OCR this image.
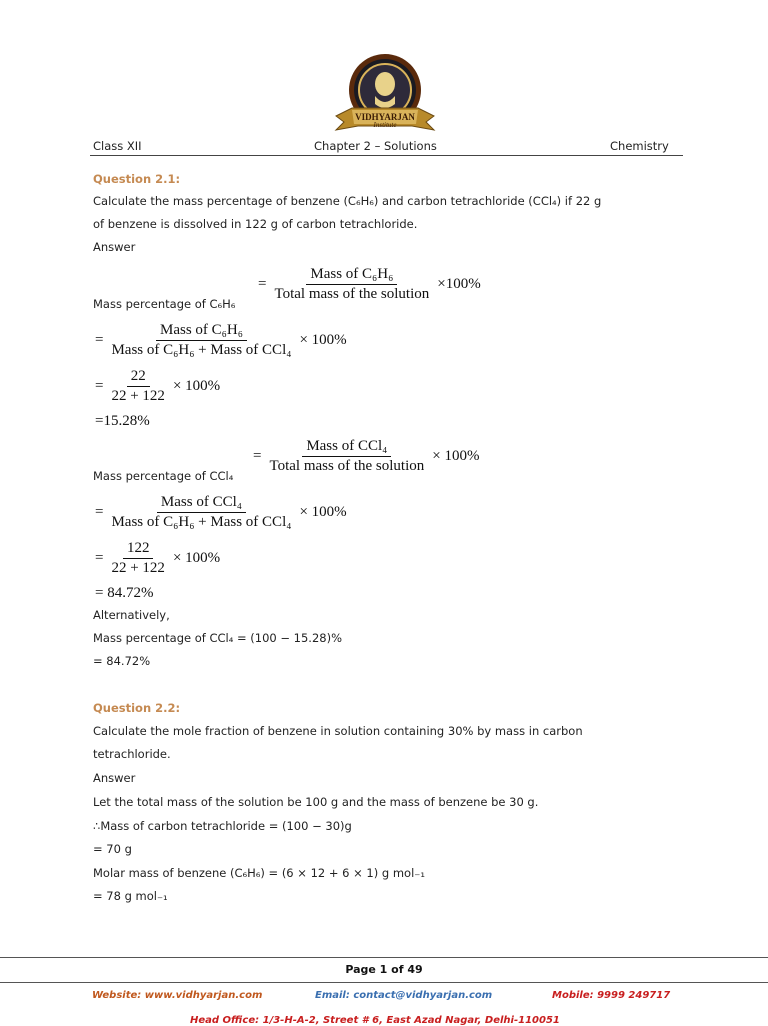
VIDHYARJAN
Institute
Class XII	Chapter 2 – Solutions	Chemistry
Question 2.1:
Calculate the mass percentage of benzene (C₆H₆) and carbon tetrachloride (CCl₄) if 22 g
of benzene is dissolved in 122 g of carbon tetrachloride.
Answer
= $\frac{\text{Mass of C₆H₆}}{\text{Total mass of the solution}} \times 100\%$
Mass percentage of C₆H₆
= $\frac{\text{Mass of C₆H₆}}{\text{Mass of C₆H₆ + Mass of CCl₄}} \times 100\%$
= $\frac{22}{22 + 122} \times 100\%$
=15.28%
= $\frac{\text{Mass of CCl₄}}{\text{Total mass of the solution}} \times 100\%$
Mass percentage of CCl₄
= $\frac{\text{Mass of CCl₄}}{\text{Mass of C₆H₆ + Mass of CCl₄}} \times 100\%$
= $\frac{122}{22 + 122} \times 100\%$
= 84.72%
Alternatively,
Mass percentage of CCl₄ = (100 − 15.28)%
= 84.72%
Question 2.2:
Calculate the mole fraction of benzene in solution containing 30% by mass in carbon
tetrachloride.
Answer
Let the total mass of the solution be 100 g and the mass of benzene be 30 g.
∴Mass of carbon tetrachloride = (100 − 30)g
= 70 g
Molar mass of benzene (C₆H₆) = (6 × 12 + 6 × 1) g mol₋₁
= 78 g mol₋₁
Page 1 of 49
Website: www.vidhyarjan.com	Email: contact@vidhyarjan.com	Mobile: 9999 249717
Head Office: 1/3-H-A-2, Street # 6, East Azad Nagar, Delhi-110051
